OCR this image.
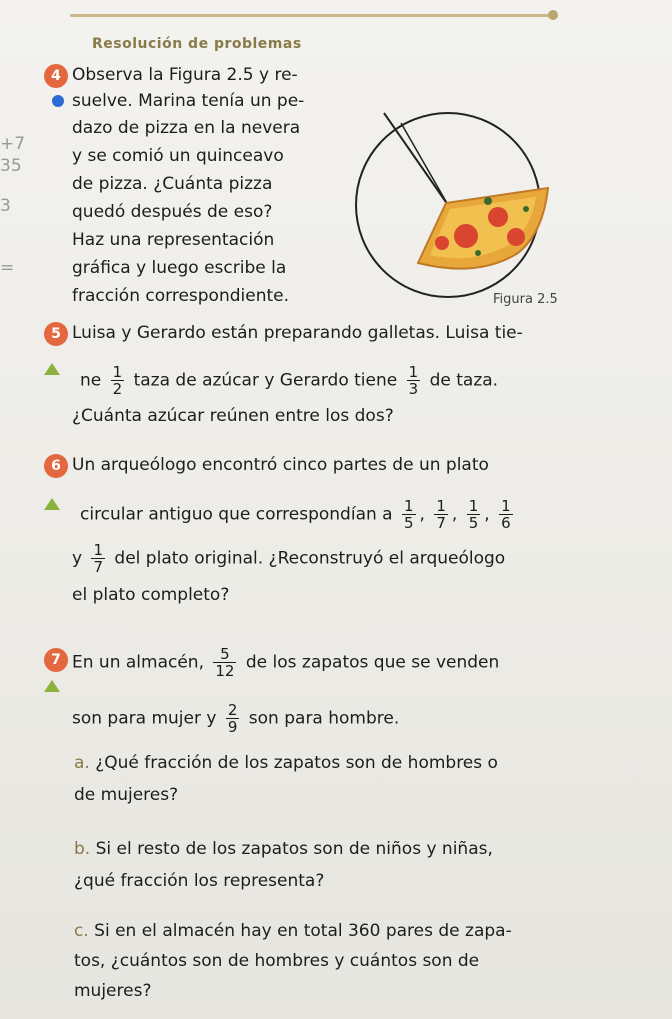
Resolución de problemas
+7
35
3
=
4 Observa la Figura 2.5 y re-
suelve. Marina tenía un pe-
dazo de pizza en la nevera
y se comió un quinceavo
de pizza. ¿Cuánta pizza
quedó después de eso?
Haz una representación
gráfica y luego escribe la
fracción correspondiente.	Figura 2.5
5 Luisa y Gerardo están preparando galletas. Luisa tie-
ne $\frac{1}{2}$ taza de azúcar y Gerardo tiene $\frac{1}{3}$ de taza.
¿Cuánta azúcar reúnen entre los dos?
6 Un arqueólogo encontró cinco partes de un plato
circular antiguo que correspondían a $\frac{1}{5}$ , $\frac{1}{7}$ , $\frac{1}{5}$ , $\frac{1}{6}$
y $\frac{1}{7}$ del plato original. ¿Reconstruyó el arqueólogo
el plato completo?
7 En un almacén, $\frac{5}{12}$ de los zapatos que se venden
son para mujer y $\frac{2}{9}$ son para hombre.
a. ¿Qué fracción de los zapatos son de hombres o
de mujeres?
b. Si el resto de los zapatos son de niños y niñas,
¿qué fracción los representa?
c. Si en el almacén hay en total 360 pares de zapa-
tos, ¿cuántos son de hombres y cuántos son de
mujeres?
